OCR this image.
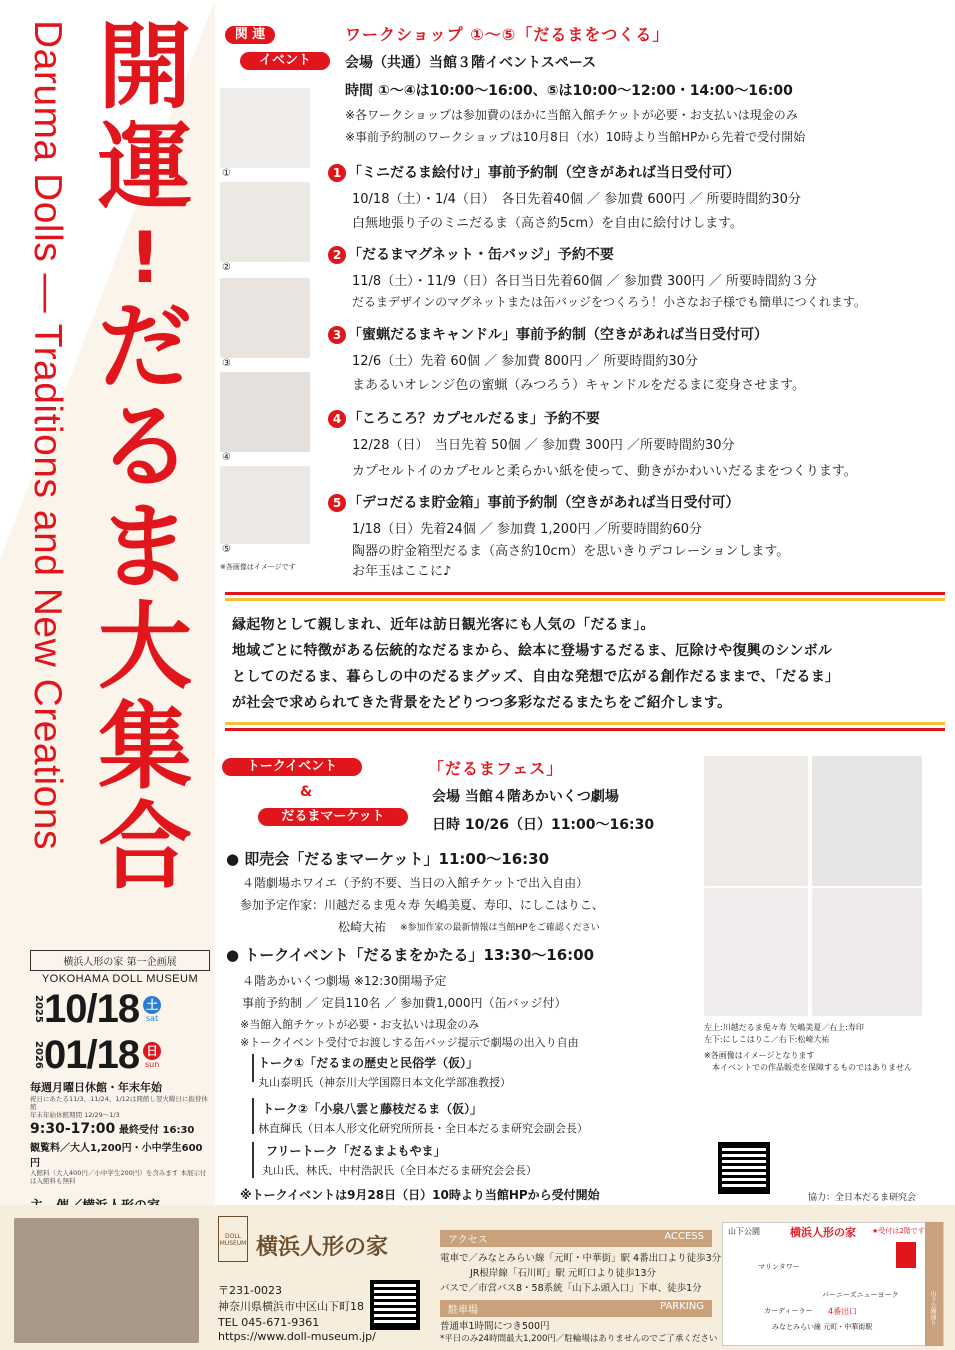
開
運
!
だ
る
ま
大
集
合
Daruma Dolls — Traditions and New Creations
横浜人形の家 第一企画展
YOKOHAMA DOLL MUSEUM
2025 10/18 土
sat
2026 01/18 日
sun
毎週月曜日休館・年末年始
祝日にあたる11/3、11/24、1/12は開館し翌火曜日に振替休館
年末年始休館期間 12/29～1/3
9:30-17:00 最終受付 16:30
観覧料／大人1,200円・小中学生600円
入館料（大人400円／小中学生200円）を含みます 本展示付は入館料も無料
関 連
イベント
ワークショップ ①～⑤「だるまをつくる」
会場（共通）当館３階イベントスペース
時間 ①～④は10:00～16:00、⑤は10:00～12:00・14:00～16:00
※各ワークショップは参加費のほかに当館入館チケットが必要・お支払いは現金のみ
※事前予約制のワークショップは10月8日（水）10時より当館HPから先着で受付開始
①
②
③
④
⑤
※各画像はイメージです
1 「ミニだるま絵付け」事前予約制（空きがあれば当日受付可）
10/18（土）・1/4（日）　各日先着40個 ／ 参加費 600円 ／ 所要時間約30分
白無地張り子のミニだるま（高さ約5cm）を自由に絵付けします。
2 「だるまマグネット・缶バッジ」予約不要
11/8（土）・11/9（日）各日当日先着60個 ／ 参加費 300円 ／ 所要時間約３分
だるまデザインのマグネットまたは缶バッジをつくろう！小さなお子様でも簡単につくれます。
3 「蜜蝋だるまキャンドル」事前予約制（空きがあれば当日受付可）
12/6（土）先着 60個 ／ 参加費 800円 ／ 所要時間約30分
まあるいオレンジ色の蜜蝋（みつろう）キャンドルをだるまに変身させます。
4 「ころころ？カプセルだるま」予約不要
12/28（日）　当日先着 50個 ／ 参加費 300円 ／所要時間約30分
カプセルトイのカプセルと柔らかい紙を使って、動きがかわいいだるまをつくります。
5 「デコだるま貯金箱」事前予約制（空きがあれば当日受付可）
1/18（日）先着24個 ／ 参加費 1,200円 ／所要時間約60分
陶器の貯金箱型だるま（高さ約10cm）を思いきりデコレーションします。
お年玉はここに♪
縁起物として親しまれ、近年は訪日観光客にも人気の「だるま」。
地域ごとに特徴がある伝統的なだるまから、絵本に登場するだるま、厄除けや復興のシンボル
としてのだるま、暮らしの中のだるまグッズ、自由な発想で広がる創作だるままで、「だるま」
が社会で求められてきた背景をたどりつつ多彩なだるまたちをご紹介します。
トークイベント
&
だるまマーケット
「だるまフェス」
会場 当館４階あかいくつ劇場
日時 10/26（日）11:00～16:30
● 即売会「だるまマーケット」11:00～16:30
４階劇場ホワイエ（予約不要、当日の入館チケットで出入自由）
参加予定作家：川越だるま兎々寿 矢嶋美夏、寿印、にしこはりこ、
松崎大祐 ※参加作家の最新情報は当館HPをご確認ください
● トークイベント「だるまをかたる」13:30～16:00
４階あかいくつ劇場 ※12:30開場予定
事前予約制 ／ 定員110名 ／ 参加費1,000円（缶バッジ付）
※当館入館チケットが必要・お支払いは現金のみ
※トークイベント受付でお渡しする缶バッジ提示で劇場の出入り自由
トーク①「だるまの歴史と民俗学（仮）」
丸山泰明氏（神奈川大学国際日本文化学部准教授）
トーク②「小泉八雲と藤枝だるま（仮）」
林直輝氏（日本人形文化研究所所長・全日本だるま研究会副会長）
フリートーク「だるまよもやま」
丸山氏、林氏、中村浩訳氏（全日本だるま研究会会長）
※トークイベントは9月28日（日）10時より当館HPから受付開始
左上:川越だるま兎々寿 矢嶋美夏／右上:寿印
左下:にしこはりこ／右下:松崎大祐
※各画像はイメージとなります
本イベントでの作品販売を保障するものではありません
協力：全日本だるま研究会
DOLL MUSEUM 横浜人形の家
〒231-0023
神奈川県横浜市中区山下町18
TEL 045-671-9361
https://www.doll-museum.jp/
アクセス	ACCESS
電車で／みなとみらい線「元町・中華街」駅 4番出口より徒歩3分
JR根岸線「石川町」駅 元町口より徒歩13分
バスで／市営バス8・58系統「山下ふ頭入口」下車、徒歩1分
駐車場	PARKING
普通車1時間につき500円
*平日のみ24時間最大1,200円／駐輪場はありませんのでご了承ください
山下公園	横浜人形の家 ★受付は2階です
マリンタワー
バーニーズニューヨーク
カーディーラー 4番出口
みなとみらい線 元町・中華街駅
山下公園通り
